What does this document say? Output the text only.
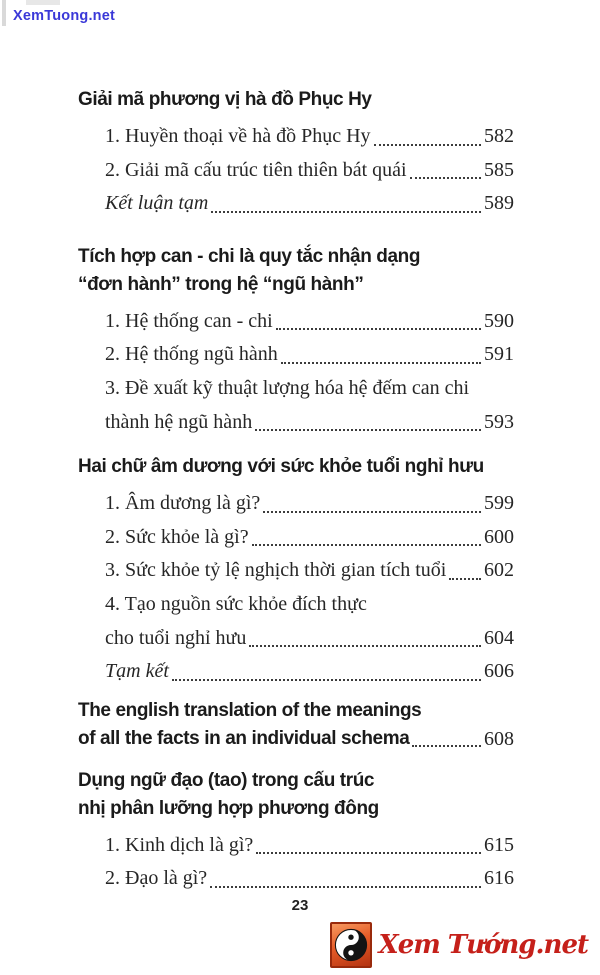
XemTuong.net
Giải mã phương vị hà đồ Phục Hy
1. Huyền thoại về hà đồ Phục Hy	582
2. Giải mã cấu trúc tiên thiên bát quái	585
Kết luận tạm	589
Tích hợp can - chi là quy tắc nhận dạng
“đơn hành” trong hệ “ngũ hành”
1. Hệ thống can - chi	590
2. Hệ thống ngũ hành	591
3. Đề xuất kỹ thuật lượng hóa hệ đếm can chi
thành hệ ngũ hành	593
Hai chữ âm dương với sức khỏe tuổi nghỉ hưu
1. Âm dương là gì?	599
2. Sức khỏe là gì?	600
3. Sức khỏe tỷ lệ nghịch thời gian tích tuổi 602
4. Tạo nguồn sức khỏe đích thực
cho tuổi nghỉ hưu	604
Tạm kết	606
The english translation of the meanings
of all the facts in an individual schema	608
Dụng ngữ đạo (tao) trong cấu trúc
nhị phân lưỡng hợp phương đông
1. Kinh dịch là gì?	615
2. Đạo là gì?	616
23
Xem Tướng.net
